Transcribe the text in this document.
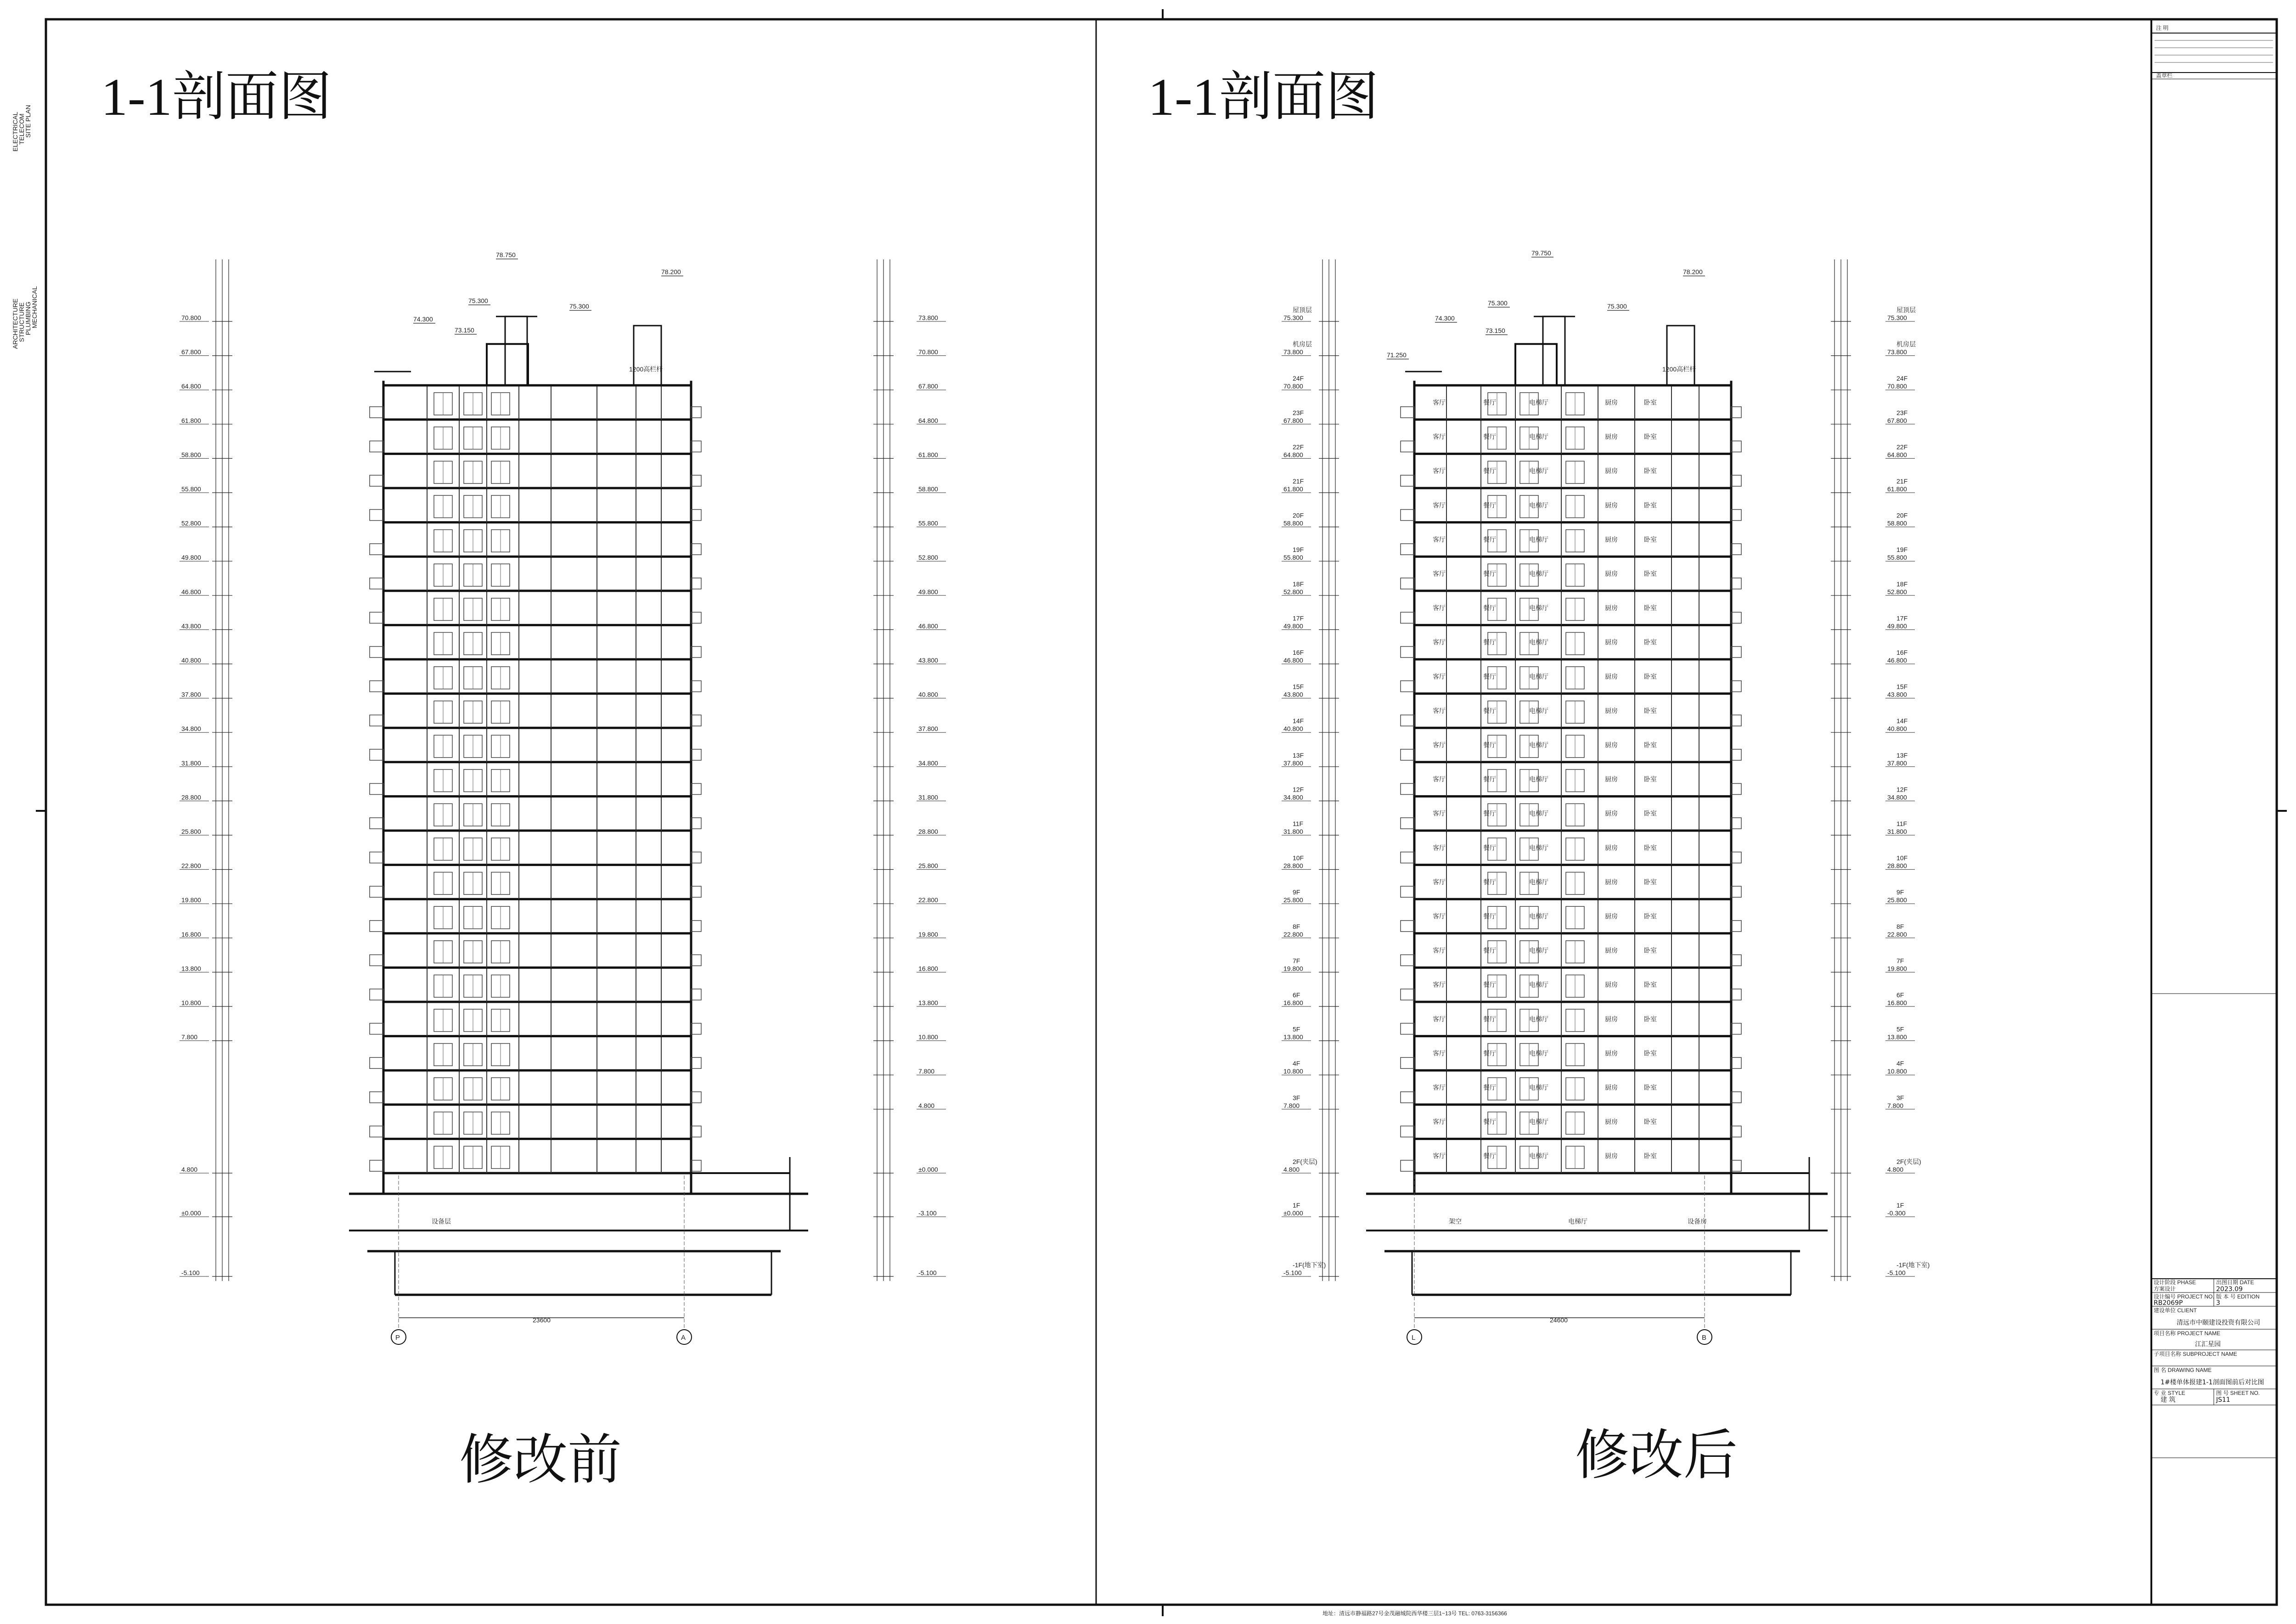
ELECTRICAL
TELECOM
SITE PLAN
ARCHITECTURE
STRUCTURE
PLUMBING
MECHANICAL
1-1剖面图	1-1剖面图
1200高栏杆
78.750
78.200
75.300
74.300
75.300
73.150
设备层
70.800
67.800
64.800
61.800
58.800
55.800
52.800
49.800
46.800
43.800
40.800
37.800
34.800
31.800
28.800
25.800
22.800
19.800
16.800
13.800
10.800
7.800
4.800
±0.000
-5.100
73.800
70.800
67.800
64.800
61.800
58.800
55.800
52.800
49.800
46.800
43.800
40.800
37.800
34.800
31.800
28.800
25.800
22.800
19.800
16.800
13.800
10.800
7.800
4.800
±0.000
-3.100
-5.100
客厅	餐厅	电梯厅	厨房	卧室
客厅	餐厅	电梯厅	厨房	卧室
客厅	餐厅	电梯厅	厨房	卧室
客厅	餐厅	电梯厅	厨房	卧室
客厅	餐厅	电梯厅	厨房	卧室
客厅	餐厅	电梯厅	厨房	卧室
客厅	餐厅	电梯厅	厨房	卧室
客厅	餐厅	电梯厅	厨房	卧室
客厅	餐厅	电梯厅	厨房	卧室
客厅	餐厅	电梯厅	厨房	卧室
客厅	餐厅	电梯厅	厨房	卧室
客厅	餐厅	电梯厅	厨房	卧室
客厅	餐厅	电梯厅	厨房	卧室
客厅	餐厅	电梯厅	厨房	卧室
客厅	餐厅	电梯厅	厨房	卧室
客厅	餐厅	电梯厅	厨房	卧室
客厅	餐厅	电梯厅	厨房	卧室
客厅	餐厅	电梯厅	厨房	卧室
客厅	餐厅	电梯厅	厨房	卧室
客厅	餐厅	电梯厅	厨房	卧室
客厅	餐厅	电梯厅	厨房	卧室
客厅	餐厅	电梯厅	厨房	卧室
客厅	餐厅	电梯厅	厨房	卧室
1200高栏杆
79.750
78.200
75.300
74.300
75.300
73.150
71.250
架空	电梯厅	设备房
75.300
屋顶层
73.800
机房层
70.800
24F
67.800
23F
64.800
22F
61.800
21F
58.800
20F
55.800
19F
52.800
18F
49.800
17F
46.800
16F
43.800
15F
40.800
14F
37.800
13F
34.800
12F
31.800
11F
28.800
10F
25.800
9F
22.800
8F
19.800
7F
16.800
6F
13.800
5F
10.800
4F
7.800
3F
4.800
2F(夹层)
±0.000
1F
-5.100
-1F(地下室)
75.300
屋顶层
73.800
机房层
70.800
24F
67.800
23F
64.800
22F
61.800
21F
58.800
20F
55.800
19F
52.800
18F
49.800
17F
46.800
16F
43.800
15F
40.800
14F
37.800
13F
34.800
12F
31.800
11F
28.800
10F
25.800
9F
22.800
8F
19.800
7F
16.800
6F
13.800
5F
10.800
4F
7.800
3F
4.800
2F(夹层)
-0.300
1F
-5.100
-1F(地下室)
修改前	修改后
P	A	L	B
23600	24600
注 明
盖章栏
设计阶段 PHASE
方案设计
出图日期 DATE
2023.09
设计编号 PROJECT NO.
RB2069P
版 本 号 EDITION
3
建设单位 CLIENT
清远市中颐建设投资有限公司
项目名称 PROJECT NAME
江汇星园
子项目名称 SUBPROJECT NAME
图 名 DRAWING NAME
1#楼单体报建1-1剖面图前后对比图
专 业 STYLE
建 筑
图 号 SHEET NO.
JS11
地址：清远市静福路27号金茂融城院西华楼三层1~13号 TEL: 0763-3156366
